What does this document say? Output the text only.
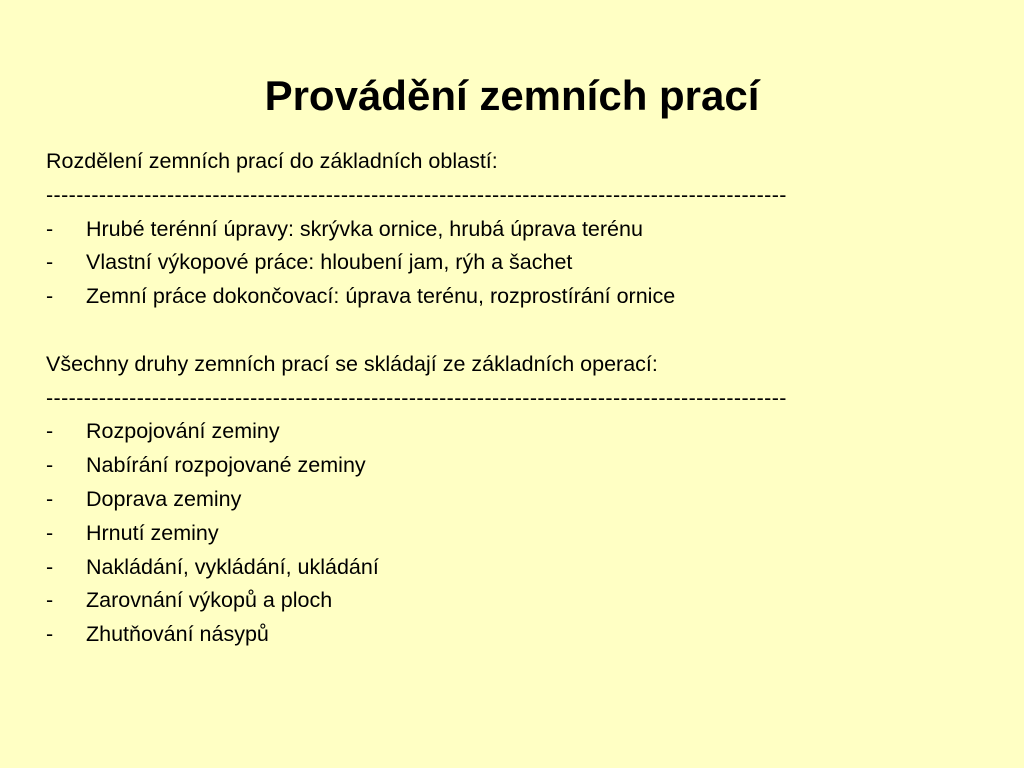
Provádění zemních prací
Rozdělení zemních prací do základních oblastí:
--------------------------------------------------------------------------------------------------
- Hrubé terénní úpravy: skrývka ornice, hrubá úprava terénu
- Vlastní výkopové práce: hloubení jam, rýh a šachet
- Zemní práce dokončovací: úprava terénu, rozprostírání ornice
Všechny druhy zemních prací se skládají ze základních operací:
--------------------------------------------------------------------------------------------------
- Rozpojování zeminy
- Nabírání rozpojované zeminy
- Doprava zeminy
- Hrnutí zeminy
- Nakládání, vykládání, ukládání
- Zarovnání výkopů a ploch
- Zhutňování násypů
